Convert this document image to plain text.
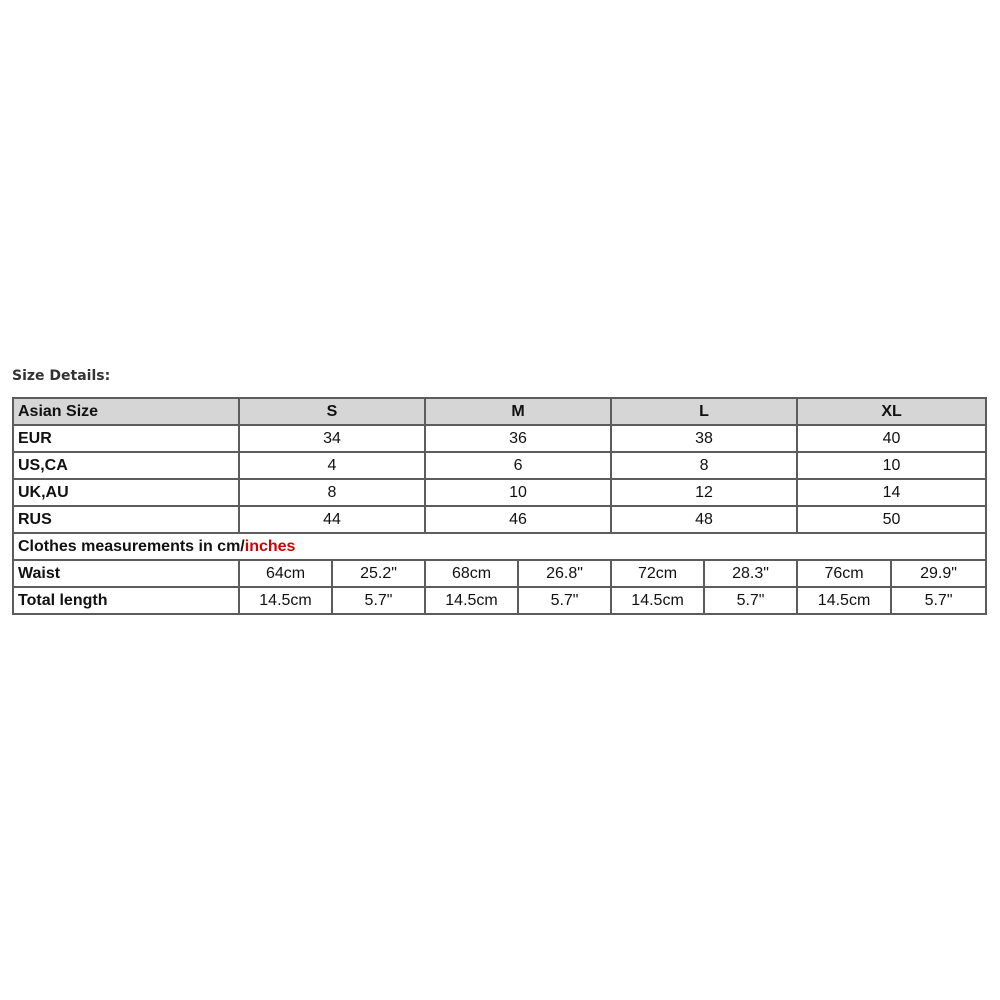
Size Details:
Asian Size	S		M		L		XL	
EUR	34		36		38		40	
US,CA	4		6		8		10	
UK,AU	8		10		12		14	
RUS	44		46		48		50	
Clothes measurements in cm/inches								
Waist	64cm	25.2"	68cm	26.8"	72cm	28.3"	76cm	29.9"
Total length	14.5cm	5.7"	14.5cm	5.7"	14.5cm	5.7"	14.5cm	5.7"
